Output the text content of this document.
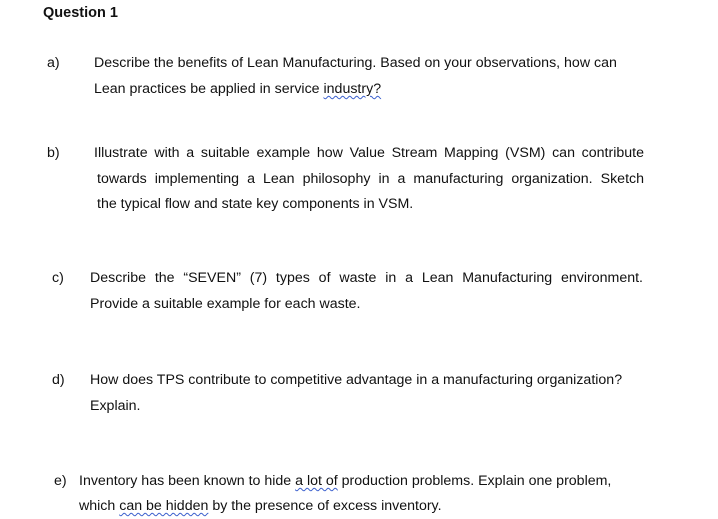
Question 1
a) Describe the benefits of Lean Manufacturing. Based on your observations, how can
Lean practices be applied in service industry?
b) Illustrate with a suitable example how Value Stream Mapping (VSM) can contribute
towards implementing a Lean philosophy in a manufacturing organization. Sketch
the typical flow and state key components in VSM.
c) Describe the “SEVEN” (7) types of waste in a Lean Manufacturing environment.
Provide a suitable example for each waste.
d) How does TPS contribute to competitive advantage in a manufacturing organization?
Explain.
e) Inventory has been known to hide a lot of production problems. Explain one problem,
which can be hidden by the presence of excess inventory.
